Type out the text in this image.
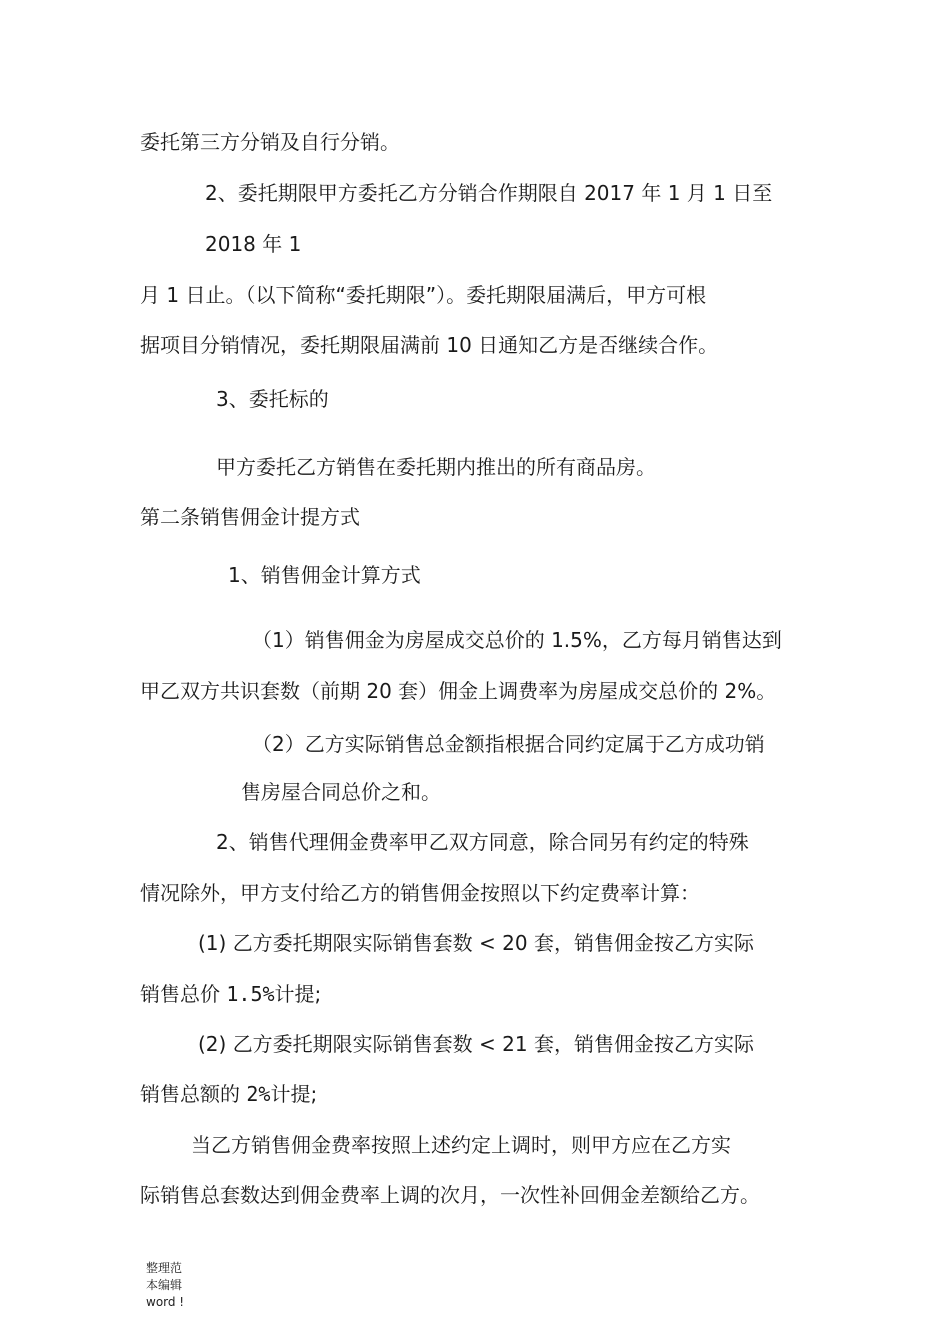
委托第三方分销及自行分销。
2、委托期限甲方委托乙方分销合作期限自 2017 年 1 月 1 日至
2018 年 1
月 1 日止。（以下简称“委托期限”）。委托期限届满后，甲方可根
据项目分销情况，委托期限届满前 10 日通知乙方是否继续合作。
3、委托标的
甲方委托乙方销售在委托期内推出的所有商品房。
第二条销售佣金计提方式
1、销售佣金计算方式
（1）销售佣金为房屋成交总价的 1.5%，乙方每月销售达到
甲乙双方共识套数（前期 20 套）佣金上调费率为房屋成交总价的 2%。
（2）乙方实际销售总金额指根据合同约定属于乙方成功销
售房屋合同总价之和。
2、销售代理佣金费率甲乙双方同意，除合同另有约定的特殊
情况除外，甲方支付给乙方的销售佣金按照以下约定费率计算：
(1) 乙方委托期限实际销售套数 < 20 套，销售佣金按乙方实际
销售总价 1.5%计提;
(2) 乙方委托期限实际销售套数 < 21 套，销售佣金按乙方实际
销售总额的 2%计提;
当乙方销售佣金费率按照上述约定上调时，则甲方应在乙方实
际销售总套数达到佣金费率上调的次月，一次性补回佣金差额给乙方。
整理范
本编辑
word !
